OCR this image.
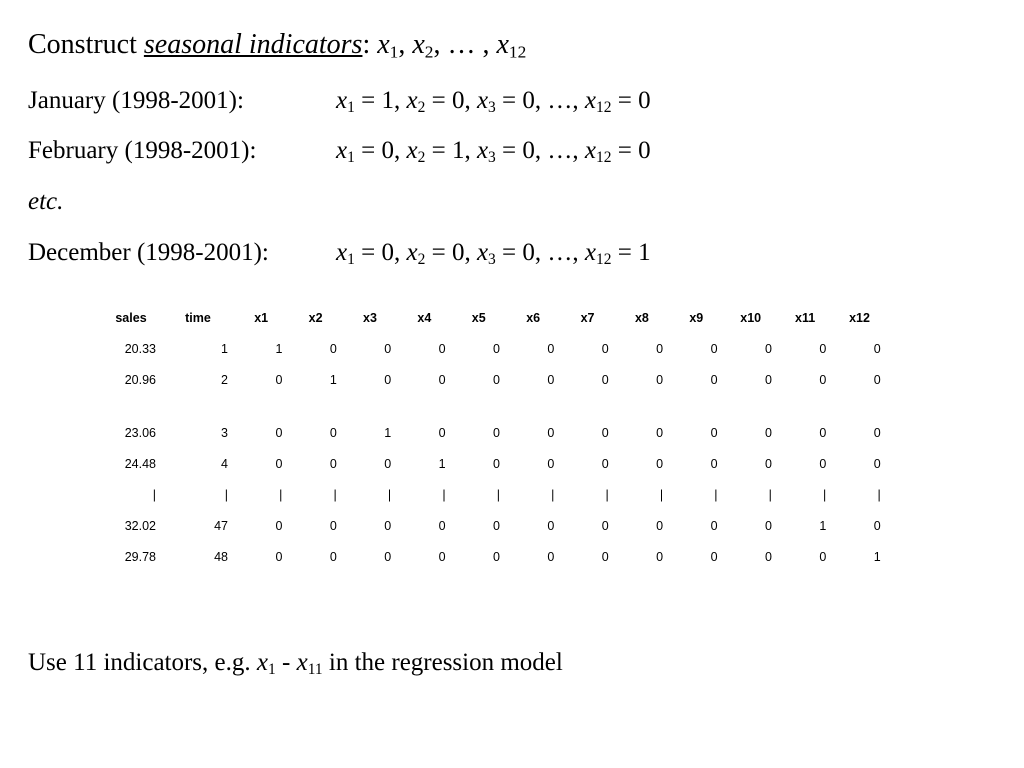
Construct seasonal indicators: $x_1$, $x_2$, … , $x_{12}$
January (1998-2001):	$x_1 = 1$, $x_2 = 0$, $x_3 = 0$, …, $x_{12} = 0$
February (1998-2001):	$x_1 = 0$, $x_2 = 1$, $x_3 = 0$, …, $x_{12} = 0$
etc.
December (1998-2001):	$x_1 = 0$, $x_2 = 0$, $x_3 = 0$, …, $x_{12} = 1$
sales	time	x1	x2	x3	x4	x5	x6	x7	x8	x9	x10	x11	x12
20.33	1	1	0	0	0	0	0	0	0	0	0	0	0
20.96	2	0	1	0	0	0	0	0	0	0	0	0	0
23.06	3	0	0	1	0	0	0	0	0	0	0	0	0
24.48	4	0	0	0	1	0	0	0	0	0	0	0	0
|	|	|	|	|	|	|	|	|	|	|	|	|	|
32.02	47	0	0	0	0	0	0	0	0	0	0	1	0
29.78	48	0	0	0	0	0	0	0	0	0	0	0	1
Use 11 indicators, e.g. $x_1 - x_{11}$ in the regression model
